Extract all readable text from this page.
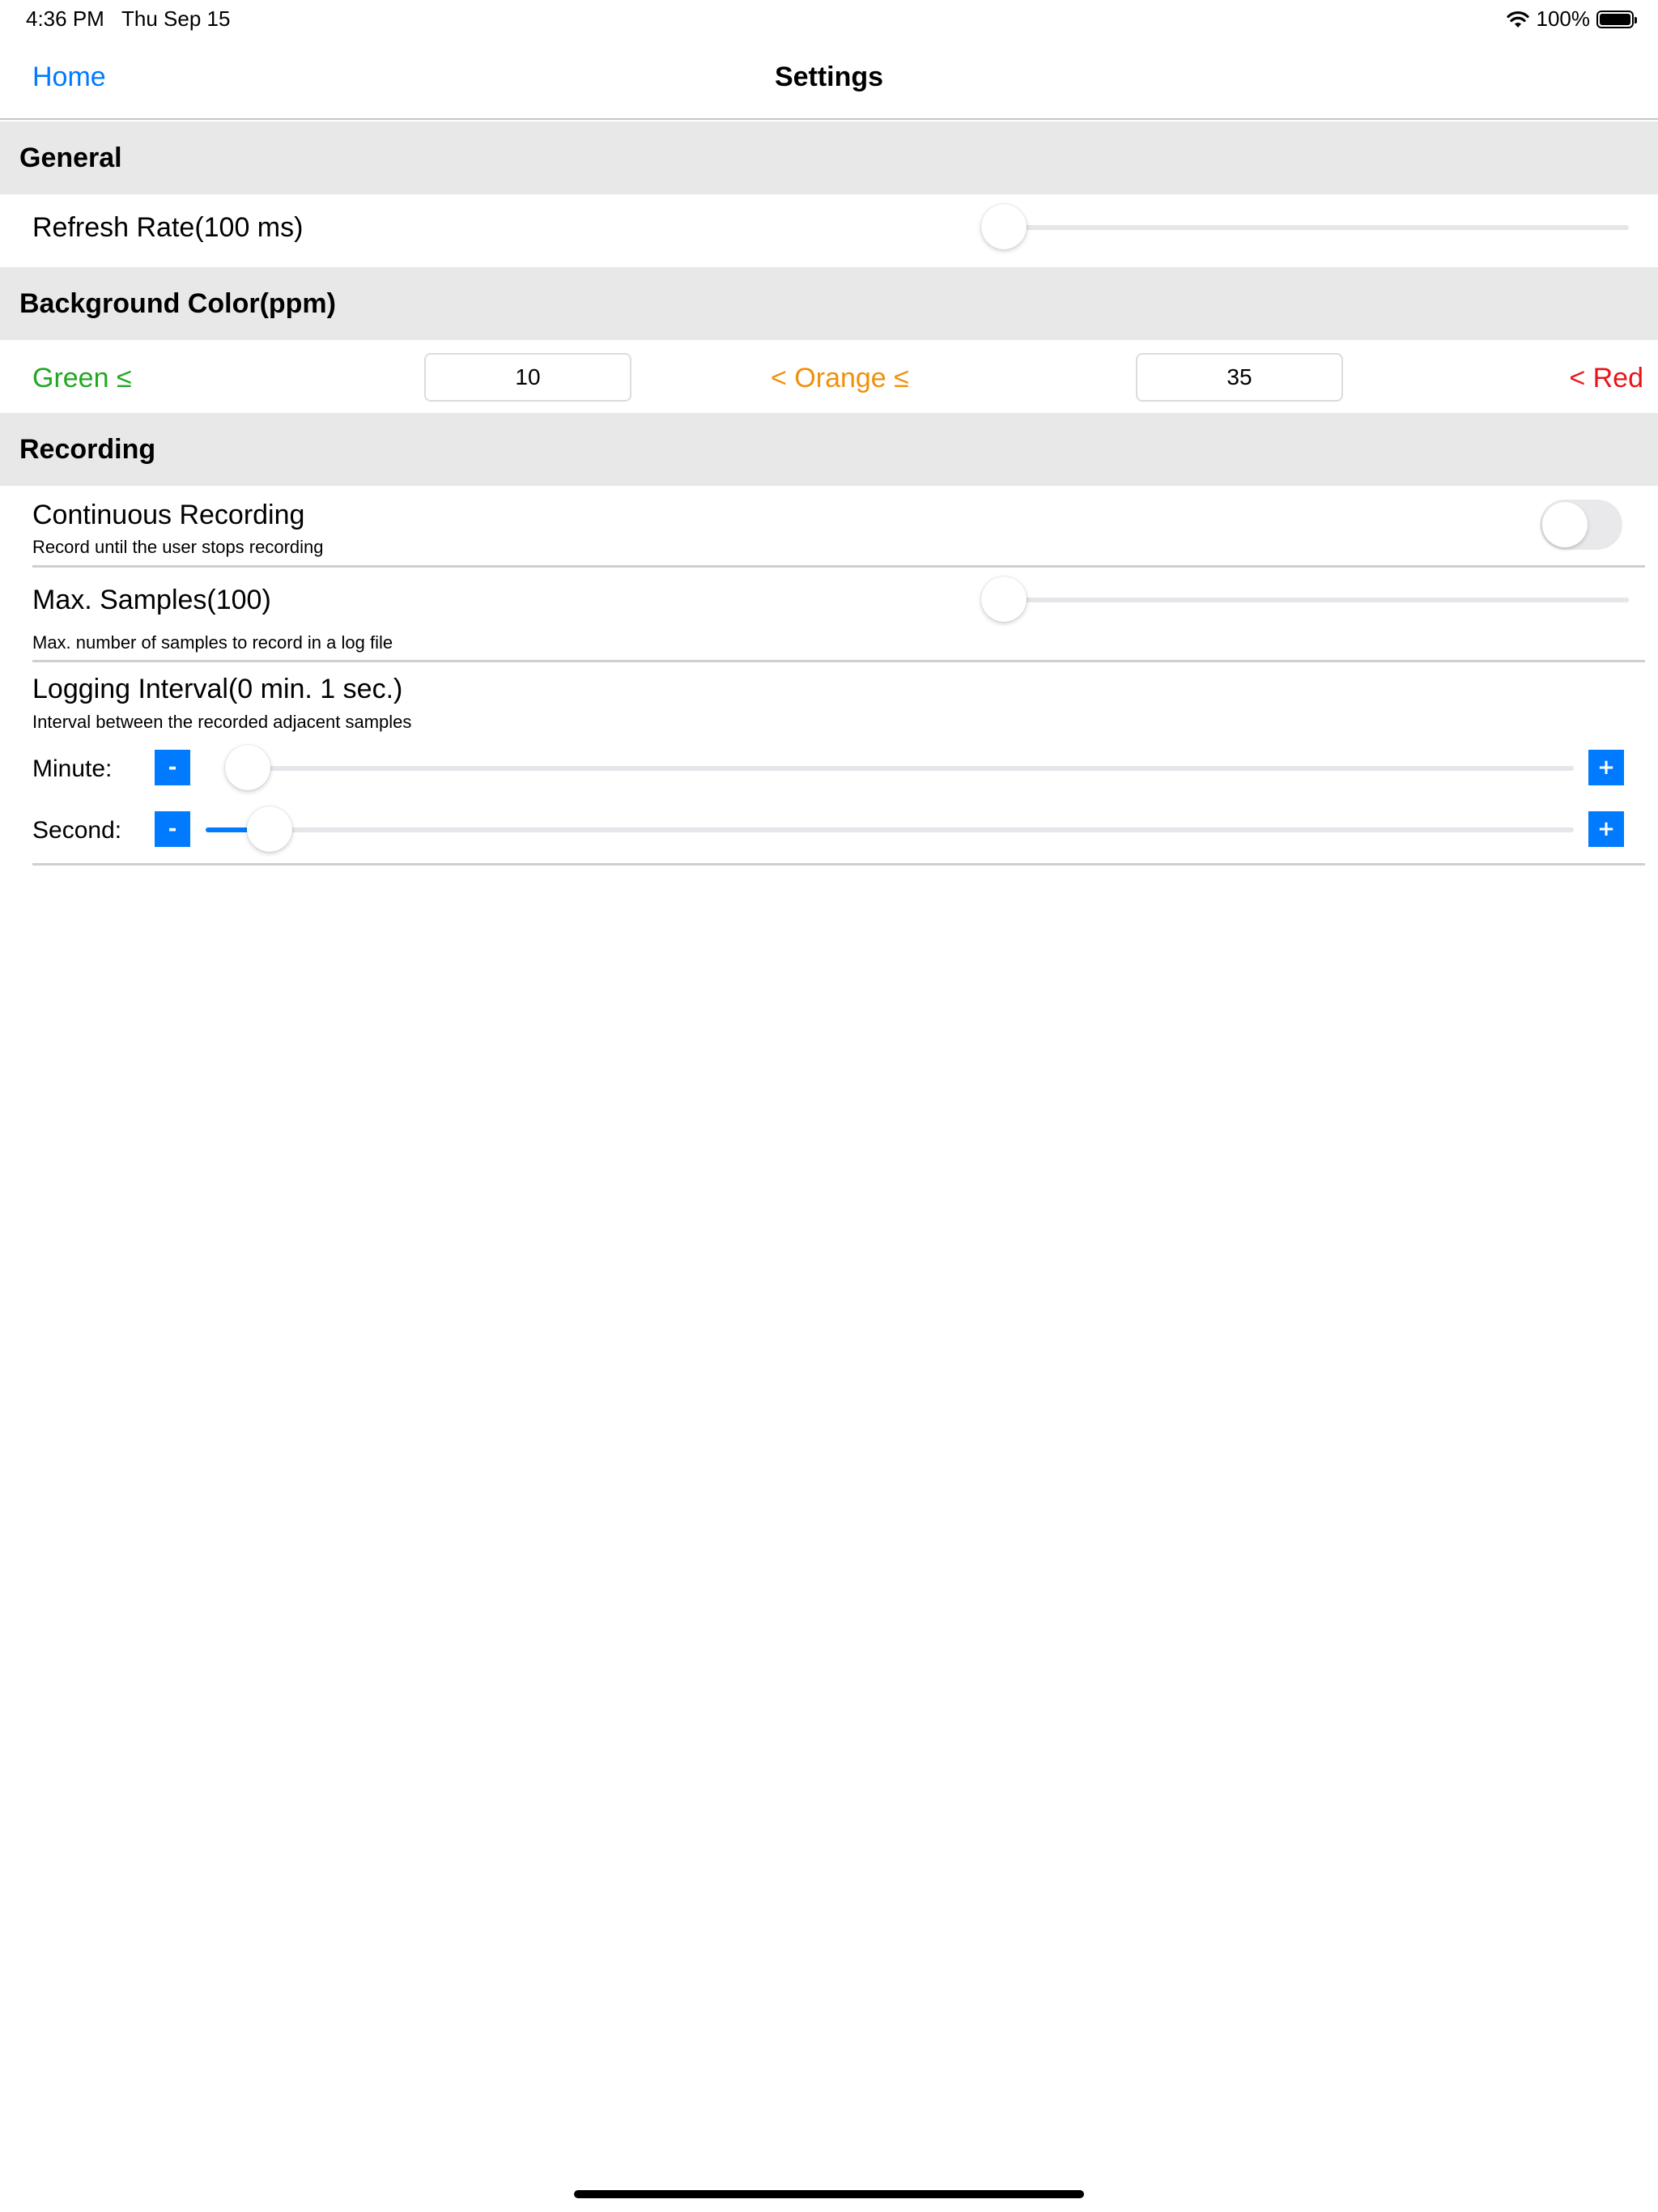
4:36 PM Thu Sep 15	100%
Home	Settings
General
Refresh Rate(100 ms)
Background Color(ppm)
Green ≤
10	< Orange ≤
35	< Red
Recording
Continuous Recording
Record until the user stops recording
Max. Samples(100)
Max. number of samples to record in a log file
Logging Interval(0 min. 1 sec.)
Interval between the recorded adjacent samples
Minute:	-	+
Second:	-	+
